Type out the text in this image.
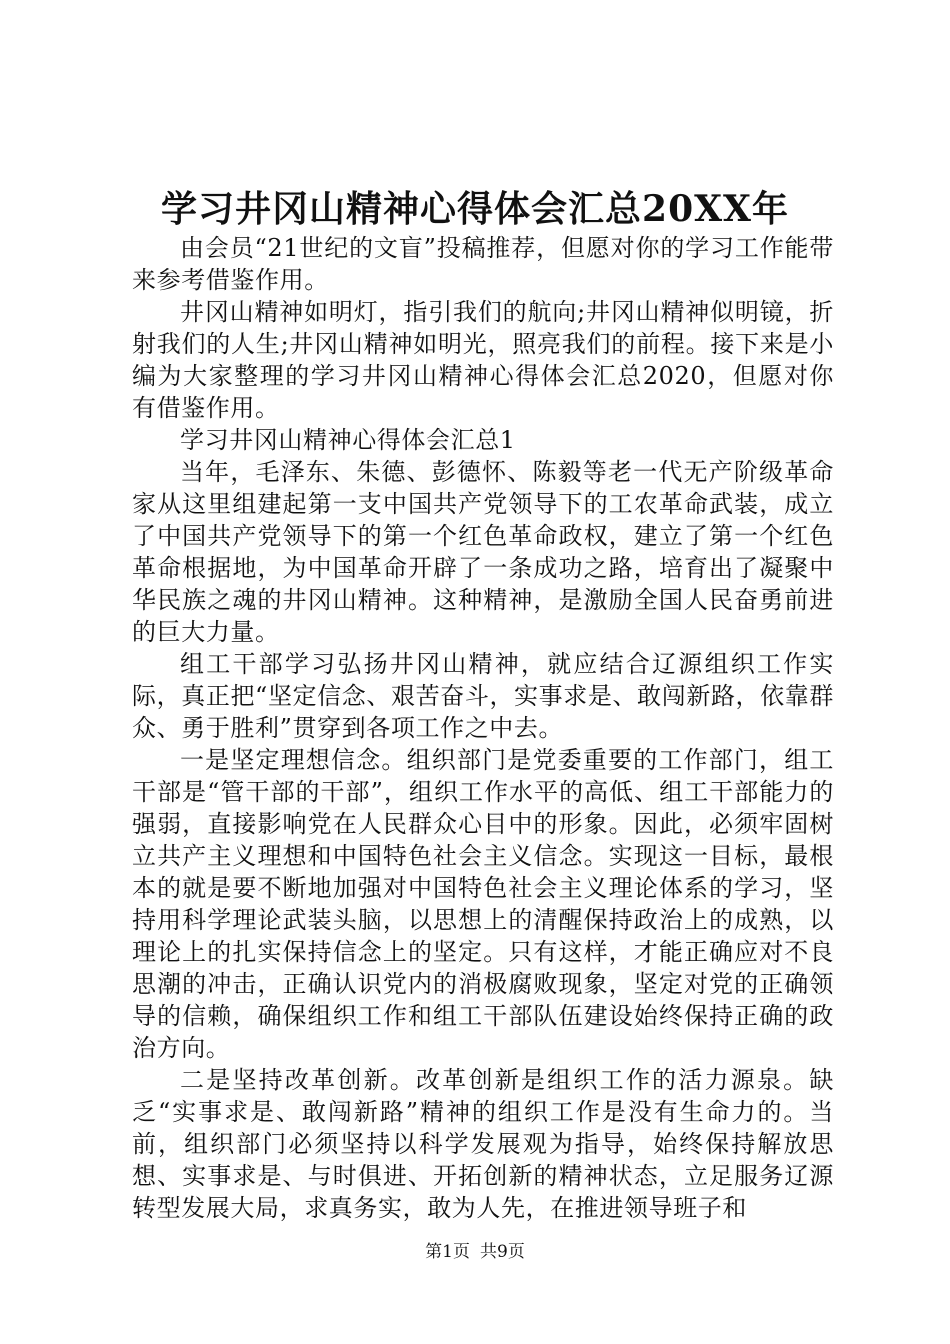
学习井冈山精神心得体会汇总20XX年

由会员“21世纪的文盲”投稿推荐，但愿对你的学习工作能带来参考借鉴作用。

井冈山精神如明灯，指引我们的航向;井冈山精神似明镜，折射我们的人生;井冈山精神如明光，照亮我们的前程。接下来是小编为大家整理的学习井冈山精神心得体会汇总2020，但愿对你有借鉴作用。

学习井冈山精神心得体会汇总1

当年，毛泽东、朱德、彭德怀、陈毅等老一代无产阶级革命家从这里组建起第一支中国共产党领导下的工农革命武装，成立了中国共产党领导下的第一个红色革命政权，建立了第一个红色革命根据地，为中国革命开辟了一条成功之路，培育出了凝聚中华民族之魂的井冈山精神。这种精神，是激励全国人民奋勇前进的巨大力量。

组工干部学习弘扬井冈山精神，就应结合辽源组织工作实际，真正把“坚定信念、艰苦奋斗，实事求是、敢闯新路，依靠群众、勇于胜利”贯穿到各项工作之中去。

一是坚定理想信念。组织部门是党委重要的工作部门，组工干部是“管干部的干部”，组织工作水平的高低、组工干部能力的强弱，直接影响党在人民群众心目中的形象。因此，必须牢固树立共产主义理想和中国特色社会主义信念。实现这一目标，最根本的就是要不断地加强对中国特色社会主义理论体系的学习，坚持用科学理论武装头脑，以思想上的清醒保持政治上的成熟，以理论上的扎实保持信念上的坚定。只有这样，才能正确应对不良思潮的冲击，正确认识党内的消极腐败现象，坚定对党的正确领导的信赖，确保组织工作和组工干部队伍建设始终保持正确的政治方向。

二是坚持改革创新。改革创新是组织工作的活力源泉。缺乏“实事求是、敢闯新路”精神的组织工作是没有生命力的。当前，组织部门必须坚持以科学发展观为指导，始终保持解放思想、实事求是、与时俱进、开拓创新的精神状态，立足服务辽源转型发展大局，求真务实，敢为人先，在推进领导班子和

第1页 共9页
